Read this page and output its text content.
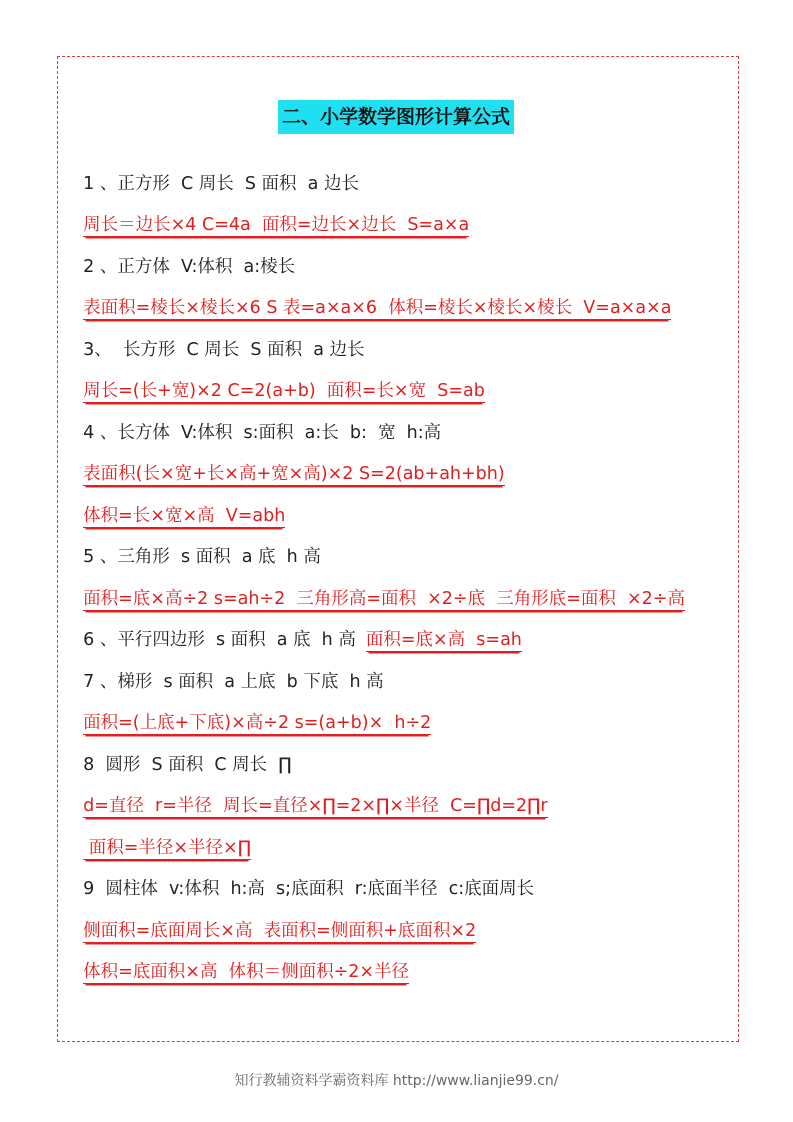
二、小学数学图形计算公式

1 、正方形  C 周长  S 面积  a 边长

周长＝边长×4 C=4a  面积=边长×边长  S=a×a

2 、正方体  V:体积  a:棱长

表面积=棱长×棱长×6 S 表=a×a×6  体积=棱长×棱长×棱长  V=a×a×a

3、  长方形  C 周长  S 面积  a 边长

周长=(长+宽)×2 C=2(a+b)  面积=长×宽  S=ab

4 、长方体  V:体积  s:面积  a:长  b:  宽  h:高

表面积(长×宽+长×高+宽×高)×2 S=2(ab+ah+bh)

体积=长×宽×高  V=abh

5 、三角形  s 面积  a 底  h 高

面积=底×高÷2 s=ah÷2  三角形高=面积  ×2÷底  三角形底=面积  ×2÷高

6 、平行四边形  s 面积  a 底  h 高 面积=底×高  s=ah

7 、梯形  s 面积  a 上底  b 下底  h 高

面积=(上底+下底)×高÷2 s=(a+b)×  h÷2

8  圆形  S 面积  C 周长  ∏

d=直径  r=半径  周长=直径×∏=2×∏×半径  C=∏d=2∏r

面积=半径×半径×∏

9  圆柱体  v:体积  h:高  s;底面积  r:底面半径  c:底面周长

侧面积=底面周长×高  表面积=侧面积+底面积×2

体积=底面积×高  体积＝侧面积÷2×半径

知行教辅资料学霸资料库 http://www.lianjie99.cn/
